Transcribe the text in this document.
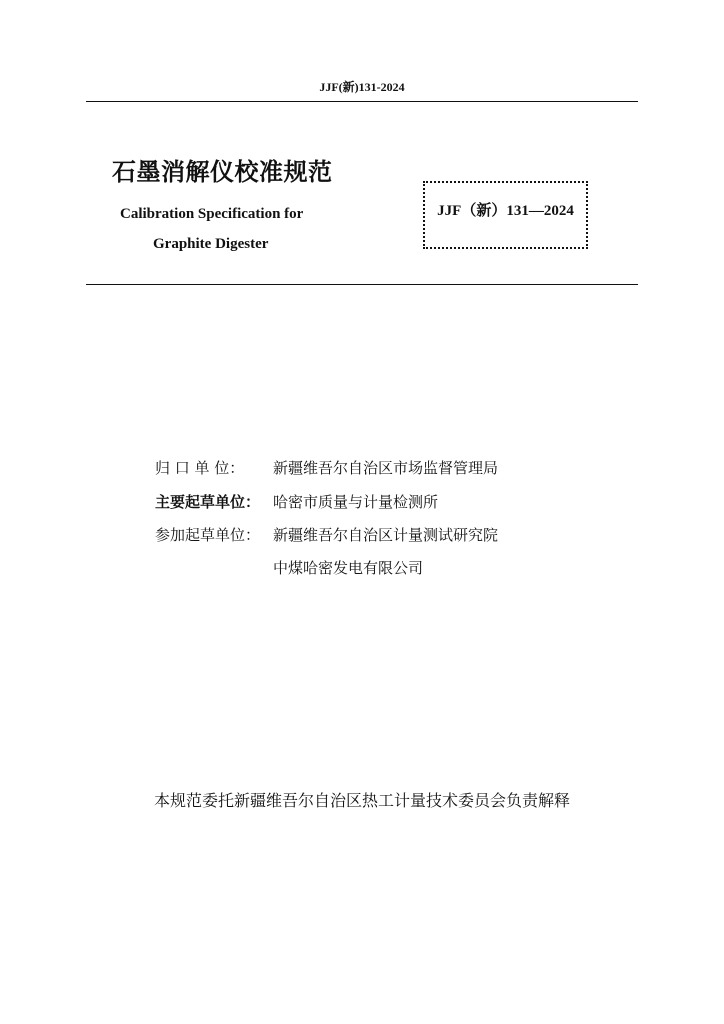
JJF(新)131-2024
石墨消解仪校准规范
Calibration Specification for
Graphite Digester
JJF（新）131—2024
归 口 单 位： 新疆维吾尔自治区市场监督管理局
主要起草单位： 哈密市质量与计量检测所
参加起草单位： 新疆维吾尔自治区计量测试研究院
中煤哈密发电有限公司
本规范委托新疆维吾尔自治区热工计量技术委员会负责解释
